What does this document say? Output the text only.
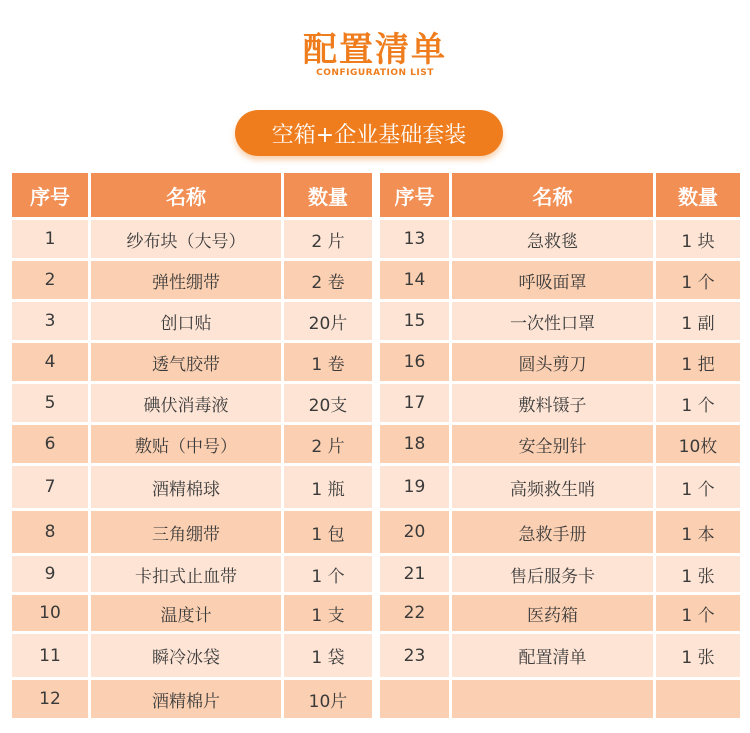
配置清单
CONFIGURATION LIST
空箱+企业基础套装
序号	名称	数量
1	纱布块（大号）	2 片
2	弹性绷带	2 卷
3	创口贴	20片
4	透气胶带	1 卷
5	碘伏消毒液	20支
6	敷贴（中号）	2 片
7	酒精棉球	1 瓶
8	三角绷带	1 包
9	卡扣式止血带	1 个
10	温度计	1 支
11	瞬冷冰袋	1 袋
12	酒精棉片	10片
序号	名称	数量
13	急救毯	1 块
14	呼吸面罩	1 个
15	一次性口罩	1 副
16	圆头剪刀	1 把
17	敷料镊子	1 个
18	安全别针	10枚
19	高频救生哨	1 个
20	急救手册	1 本
21	售后服务卡	1 张
22	医药箱	1 个
23	配置清单	1 张
